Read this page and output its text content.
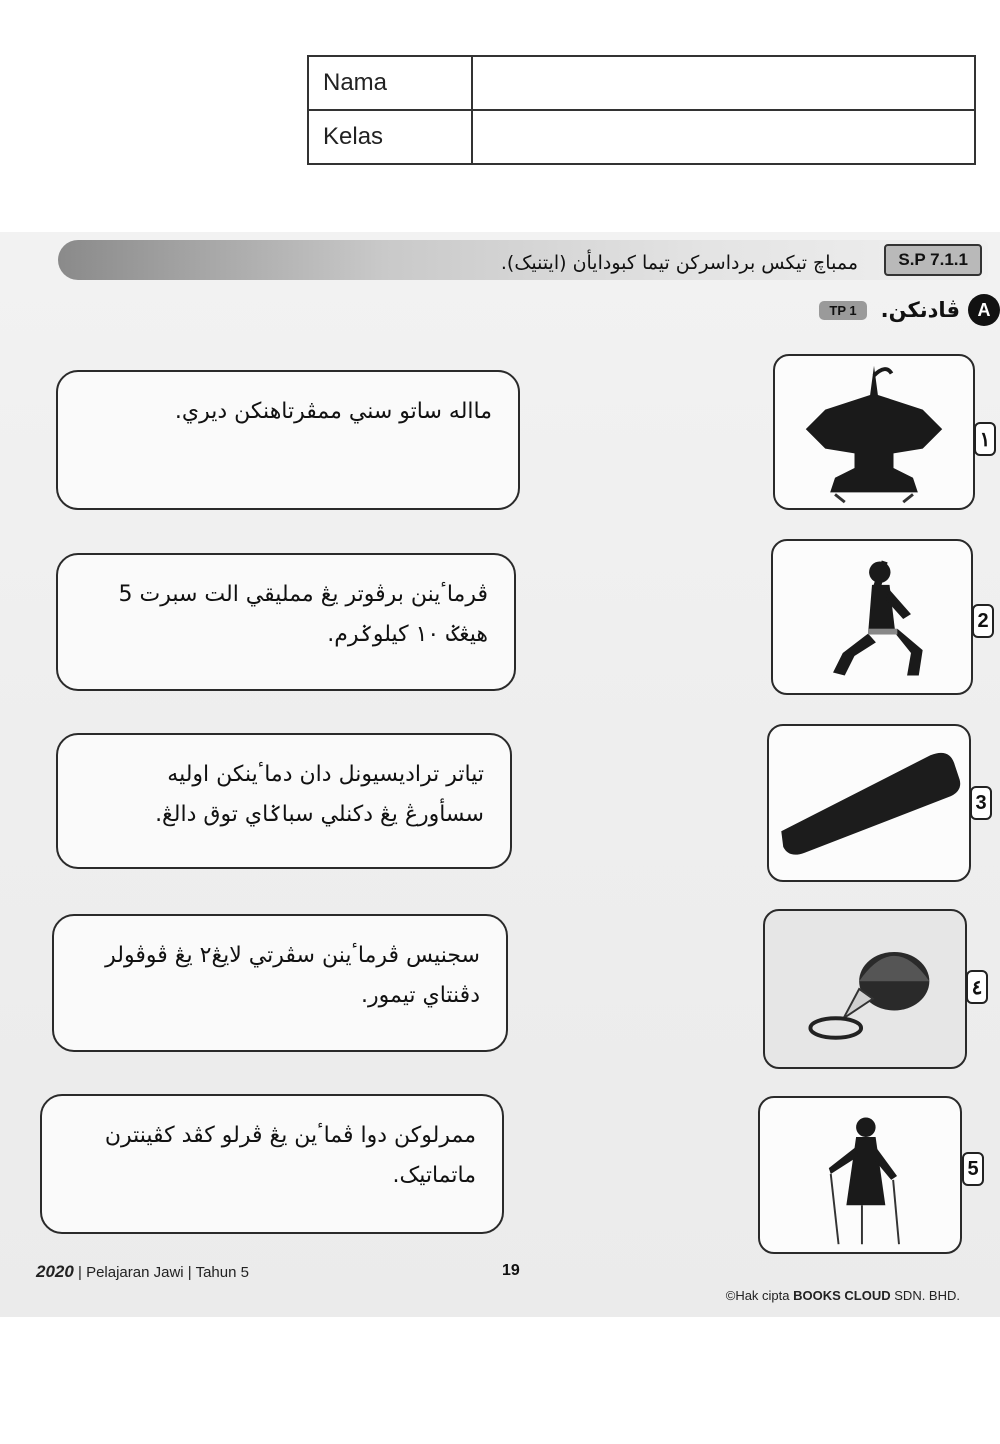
Nama	
Kelas	
ممباچ تيکس برداسرکن تيما کبودايأن (ايتنيک).	S.P 7.1.1
TP 1	ڤادنکن. A
مااله ساتو سني ممڤرتاهنکن ديري.
ڤرماٴينن برڤوتر يڠ ممليقي الت سبرت 5 هيڠݢ ١٠ کيلوݢرم.
تياتر تراديسيونل دان دماٴينکن اوليه سسأورڠ يڠ دکنلي سباݢاي توق دالڠ.
سجنيس ڤرماٴينن سڤرتي لايڠ٢ يڠ ڤوڤولر دڤنتاي تيمور.
ممرلوکن دوا ڤماٴين يڠ ڤرلو کڤد کڤينترن ماتماتيک.
۱
2
3
٤
5
2020 | Pelajaran Jawi | Tahun 5	19
©Hak cipta BOOKS CLOUD SDN. BHD.
